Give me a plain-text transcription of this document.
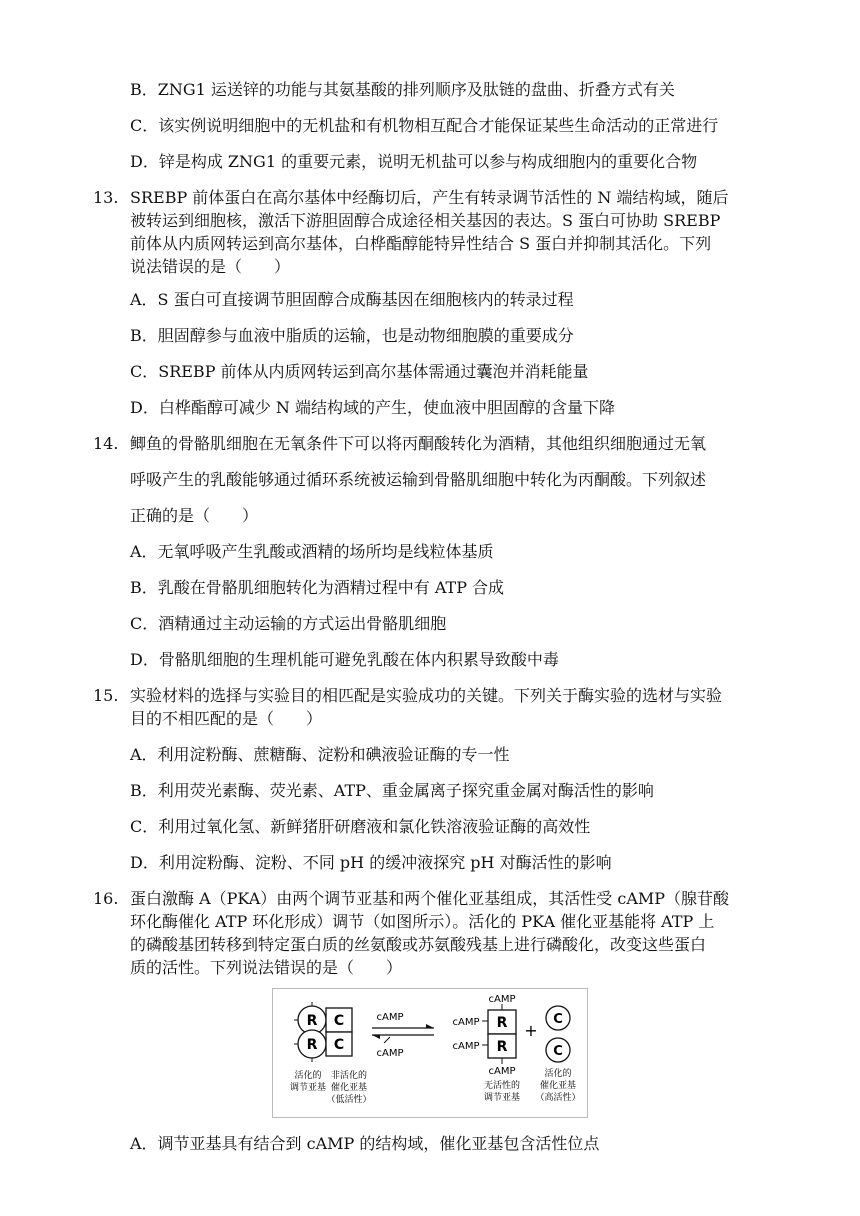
B．ZNG1 运送锌的功能与其氨基酸的排列顺序及肽链的盘曲、折叠方式有关
C．该实例说明细胞中的无机盐和有机物相互配合才能保证某些生命活动的正常进行
D．锌是构成 ZNG1 的重要元素，说明无机盐可以参与构成细胞内的重要化合物
13. SREBP 前体蛋白在高尔基体中经酶切后，产生有转录调节活性的 N 端结构域，随后
被转运到细胞核，激活下游胆固醇合成途径相关基因的表达。S 蛋白可协助 SREBP
前体从内质网转运到高尔基体，白桦酯醇能特异性结合 S 蛋白并抑制其活化。下列
说法错误的是（　　）
A．S 蛋白可直接调节胆固醇合成酶基因在细胞核内的转录过程
B．胆固醇参与血液中脂质的运输，也是动物细胞膜的重要成分
C．SREBP 前体从内质网转运到高尔基体需通过囊泡并消耗能量
D．白桦酯醇可减少 N 端结构域的产生，使血液中胆固醇的含量下降
14. 鲫鱼的骨骼肌细胞在无氧条件下可以将丙酮酸转化为酒精，其他组织细胞通过无氧
呼吸产生的乳酸能够通过循环系统被运输到骨骼肌细胞中转化为丙酮酸。下列叙述
正确的是（　　）
A．无氧呼吸产生乳酸或酒精的场所均是线粒体基质
B．乳酸在骨骼肌细胞转化为酒精过程中有 ATP 合成
C．酒精通过主动运输的方式运出骨骼肌细胞
D．骨骼肌细胞的生理机能可避免乳酸在体内积累导致酸中毒
15. 实验材料的选择与实验目的相匹配是实验成功的关键。下列关于酶实验的选材与实验
目的不相匹配的是（　　）
A．利用淀粉酶、蔗糖酶、淀粉和碘液验证酶的专一性
B．利用荧光素酶、荧光素、ATP、重金属离子探究重金属对酶活性的影响
C．利用过氧化氢、新鲜猪肝研磨液和氯化铁溶液验证酶的高效性
D．利用淀粉酶、淀粉、不同 pH 的缓冲液探究 pH 对酶活性的影响
16. 蛋白激酶 A（PKA）由两个调节亚基和两个催化亚基组成，其活性受 cAMP（腺苷酸
环化酶催化 ATP 环化形成）调节（如图所示）。活化的 PKA 催化亚基能将 ATP 上
的磷酸基团转移到特定蛋白质的丝氨酸或苏氨酸残基上进行磷酸化，改变这些蛋白
质的活性。下列说法错误的是（　　）
R
R
C
C
活化的
调节亚基
非活化的
催化亚基
（低活性）
cAMP
cAMP
cAMP
cAMP
cAMP
R
R
cAMP
无活性的
调节亚基
+
C
C
活化的
催化亚基
（高活性）
A．调节亚基具有结合到 cAMP 的结构域，催化亚基包含活性位点
